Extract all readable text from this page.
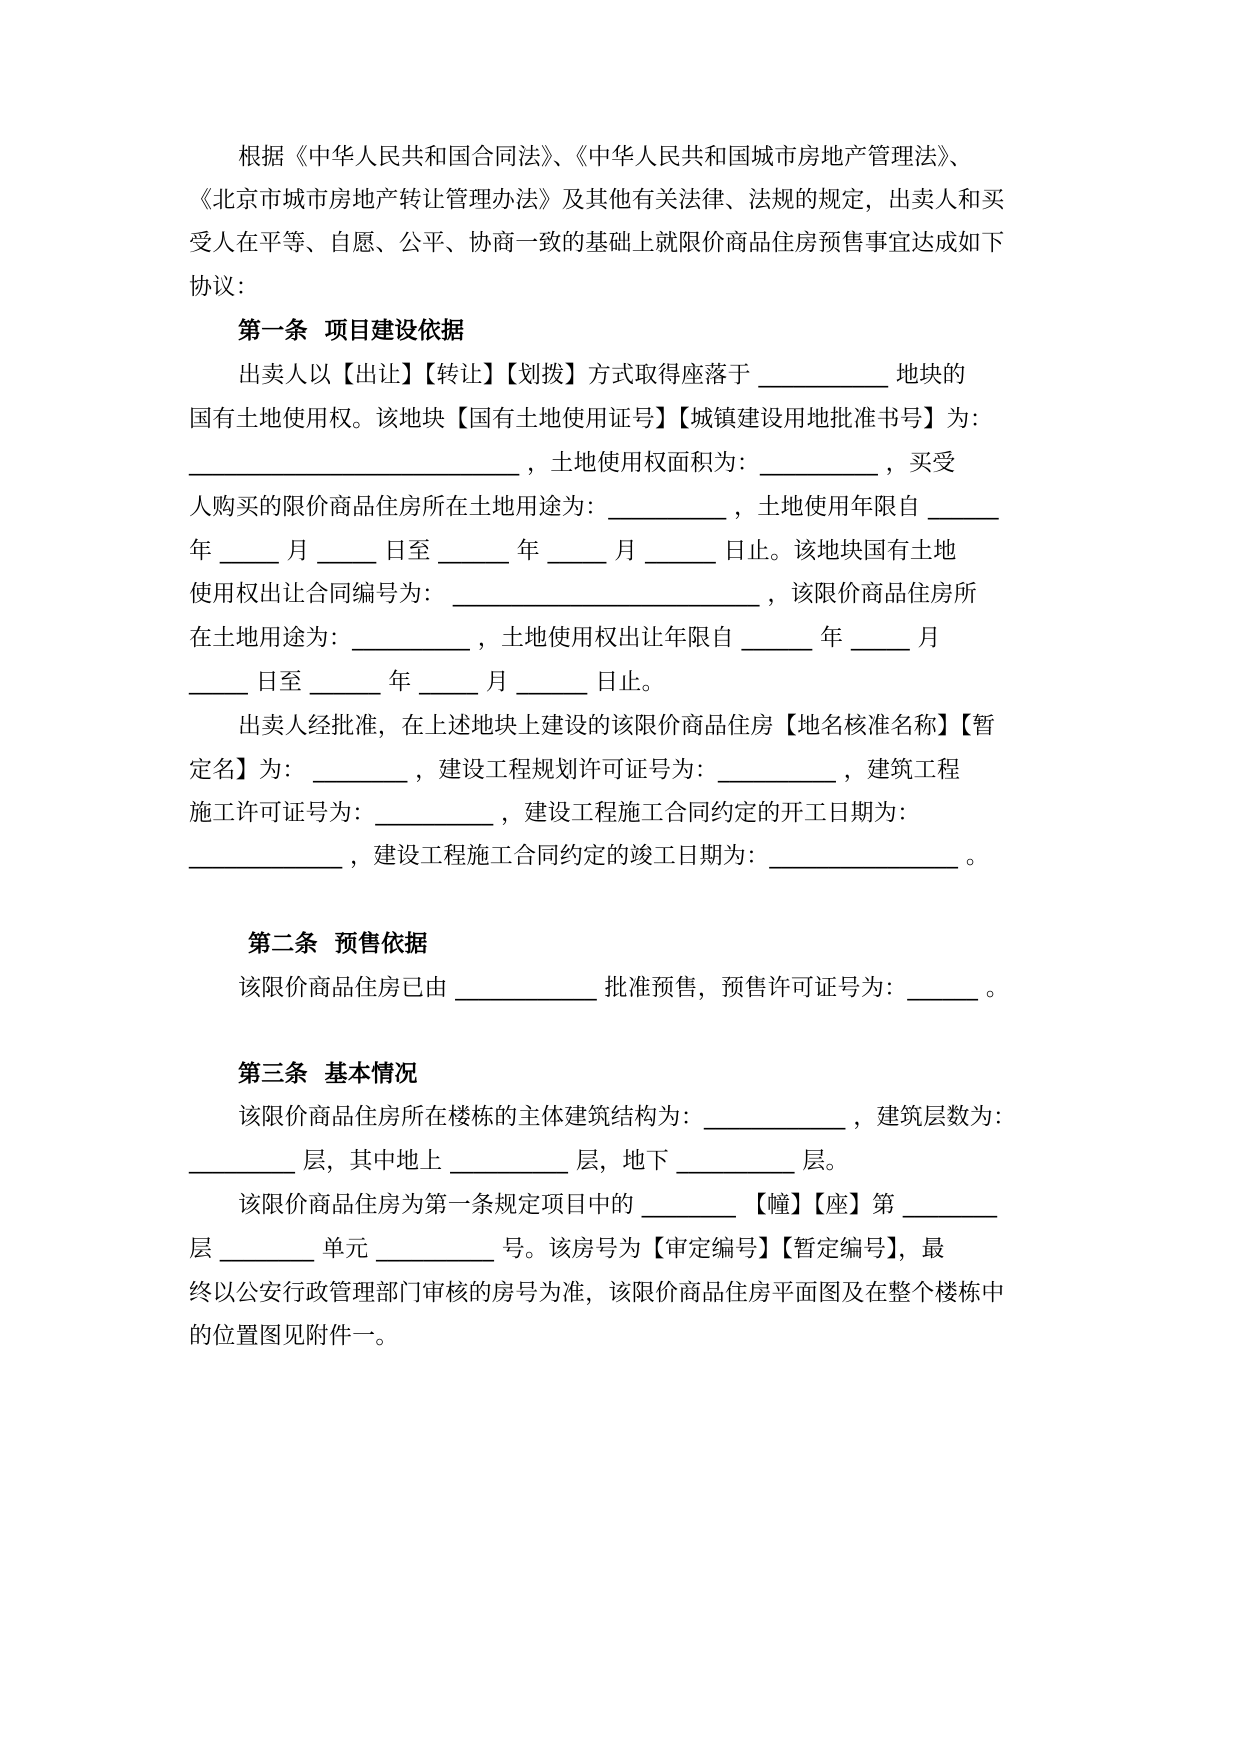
根据《中华人民共和国合同法》、《中华人民共和国城市房地产管理法》、
《北京市城市房地产转让管理办法》及其他有关法律、法规的规定，出卖人和买
受人在平等、自愿、公平、协商一致的基础上就限价商品住房预售事宜达成如下
协议：
第一条  项目建设依据
出卖人以【出让】【转让】【划拨】方式取得座落于 ___________ 地块的
国有土地使用权。该地块【国有土地使用证号】【城镇建设用地批准书号】为：
____________________________ ，土地使用权面积为：__________ ，买受
人购买的限价商品住房所在土地用途为：__________ ，土地使用年限自 ______
年 _____ 月 _____ 日至 ______ 年 _____ 月 ______ 日止。该地块国有土地
使用权出让合同编号为： __________________________ ，该限价商品住房所
在土地用途为：__________ ，土地使用权出让年限自 ______ 年 _____ 月
_____ 日至 ______ 年 _____ 月 ______ 日止。
出卖人经批准，在上述地块上建设的该限价商品住房【地名核准名称】【暂
定名】为： ________ ，建设工程规划许可证号为：__________ ，建筑工程
施工许可证号为：__________ ，建设工程施工合同约定的开工日期为：
_____________ ，建设工程施工合同约定的竣工日期为：________________ 。
第二条  预售依据
该限价商品住房已由 ____________ 批准预售，预售许可证号为：______ 。
第三条  基本情况
该限价商品住房所在楼栋的主体建筑结构为：____________ ，建筑层数为：
_________ 层，其中地上 __________ 层，地下 __________ 层。
该限价商品住房为第一条规定项目中的 ________ 【幢】【座】第 ________
层 ________ 单元 __________ 号。该房号为【审定编号】【暂定编号】，最
终以公安行政管理部门审核的房号为准，该限价商品住房平面图及在整个楼栋中
的位置图见附件一。
